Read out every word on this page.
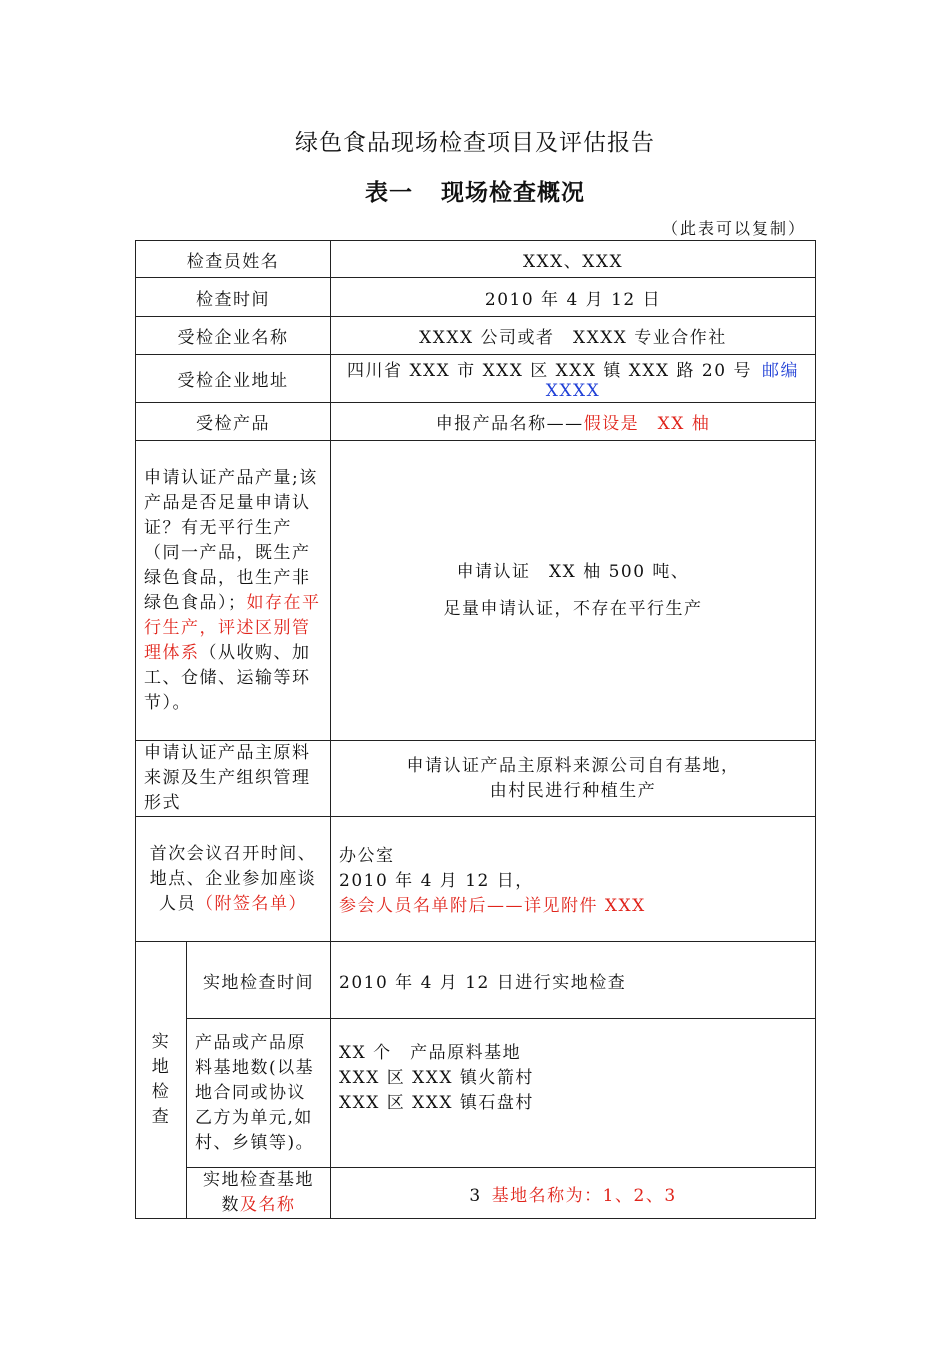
绿色食品现场检查项目及评估报告
表一 现场检查概况
（此表可以复制）
检查员姓名		XXX、XXX
检查时间		2010 年 4 月 12 日
受检企业名称		XXXX 公司或者　XXXX 专业合作社
受检企业地址		四川省 XXX 市 XXX 区 XXX 镇 XXX 路 20 号 邮编 XXXX
受检产品		申报产品名称——假设是　XX 柚
申请认证产品产量;该产品是否足量申请认证？有无平行生产（同一产品，既生产绿色食品，也生产非绿色食品）；如存在平行生产，评述区别管理体系（从收购、加工、仓储、运输等环节）。		申请认证　XX 柚 500 吨、
足量申请认证，不存在平行生产

申请认证产品主原料来源及生产组织管理形式		申请认证产品主原料来源公司自有基地，
由村民进行种植生产

首次会议召开时间、地点、企业参加座谈人员（附签名单）		办公室
2010 年 4 月 12 日，
参会人员名单附后——详见附件 XXX

实
地
检
查	实地检查时间	2010 年 4 月 12 日进行实地检查
	产品或产品原料基地数(以基地合同或协议乙方为单元,如村、乡镇等)。	XX 个　产品原料基地
XXX 区 XXX 镇火箭村
XXX 区 XXX 镇石盘村

	实地检查基地数及名称	3 基地名称为：1、2、3
